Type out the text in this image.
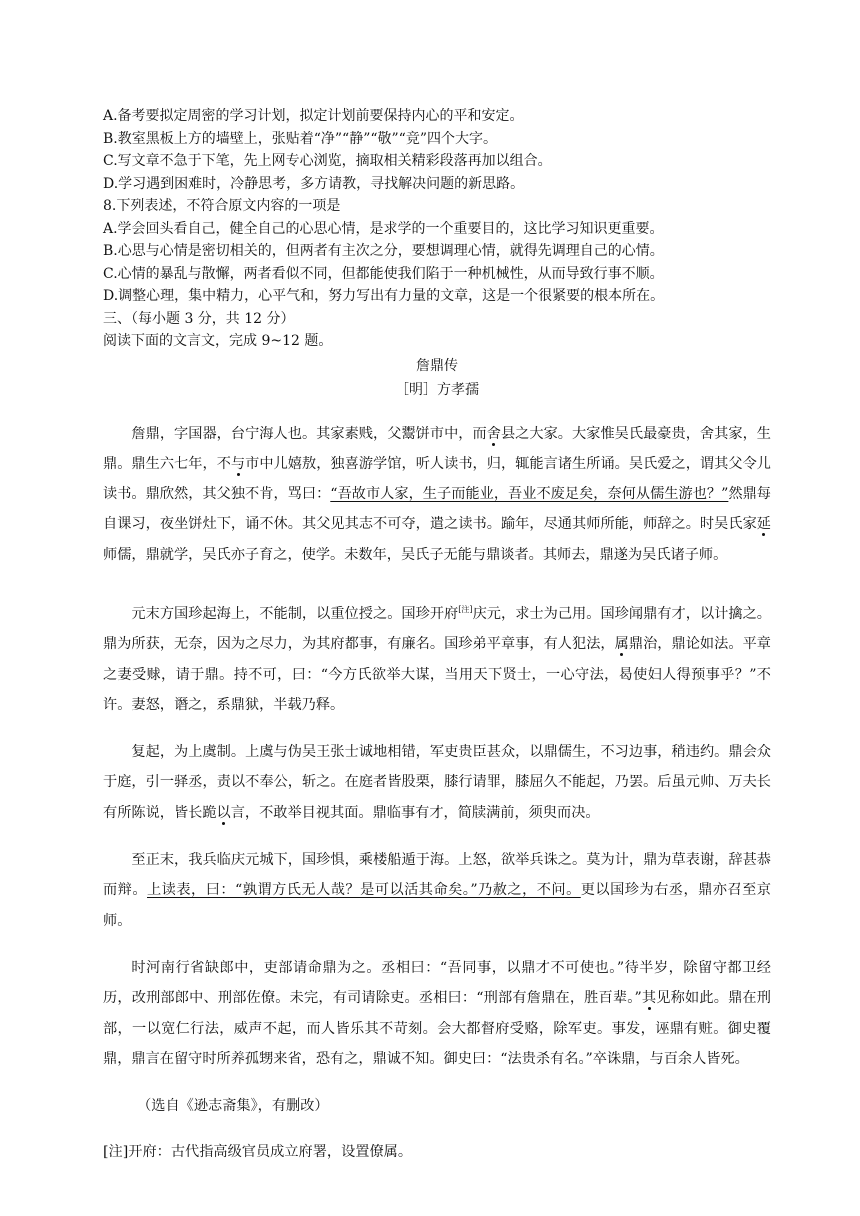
A.备考要拟定周密的学习计划，拟定计划前要保持内心的平和安定。

B.教室黑板上方的墙壁上，张贴着“净”“静”“敬”“竞”四个大字。

C.写文章不急于下笔，先上网专心浏览，摘取相关精彩段落再加以组合。

D.学习遇到困难时，冷静思考，多方请教，寻找解决问题的新思路。

8.下列表述，不符合原文内容的一项是

A.学会回头看自己，健全自己的心思心情，是求学的一个重要目的，这比学习知识更重要。

B.心思与心情是密切相关的，但两者有主次之分，要想调理心情，就得先调理自己的心情。

C.心情的暴乱与散懈，两者看似不同，但都能使我们陷于一种机械性，从而导致行事不顺。

D.调整心理，集中精力，心平气和，努力写出有力量的文章，这是一个很紧要的根本所在。

三、（每小题 3 分，共 12 分）

阅读下面的文言文，完成 9~12 题。

詹鼎传
［明］方孝孺

詹鼎，字国器，台宁海人也。其家素贱，父鬻饼市中，而舍县之大家。大家惟吴氏最豪贵，舍其家，生鼎。鼎生六七年，不与市中儿嬉敖，独喜游学馆，听人读书，归，辄能言诸生所诵。吴氏爱之，谓其父令儿读书。鼎欣然，其父独不肯，骂曰：“吾故市人家，生子而能业，吾业不废足矣，奈何从儒生游也？”然鼎每自课习，夜坐饼灶下，诵不休。其父见其志不可夺，遣之读书。踰年，尽通其师所能，师辞之。时吴氏家延师儒，鼎就学，吴氏亦子育之，使学。未数年，吴氏子无能与鼎谈者。其师去，鼎遂为吴氏诸子师。

元末方国珍起海上，不能制，以重位授之。国珍开府[注]庆元，求士为己用。国珍闻鼎有才，以计擒之。鼎为所获，无奈，因为之尽力，为其府都事，有廉名。国珍弟平章事，有人犯法，属鼎治，鼎论如法。平章之妻受赇，请于鼎。持不可，曰：“今方氏欲举大谋，当用天下贤士，一心守法，曷使妇人得预事乎？”不许。妻怒，谮之，系鼎狱，半载乃释。

复起，为上虞制。上虞与伪吴王张士诚地相错，军吏贵臣甚众，以鼎儒生，不习边事，稍违约。鼎会众于庭，引一驿丞，责以不奉公，斩之。在庭者皆股栗，膝行请罪，膝屈久不能起，乃罢。后虽元帅、万夫长有所陈说，皆长跪以言，不敢举目视其面。鼎临事有才，简牍满前，须臾而决。

至正末，我兵临庆元城下，国珍惧，乘楼船遁于海。上怒，欲举兵诛之。莫为计，鼎为草表谢，辞甚恭而辩。上读表，曰：“孰谓方氏无人哉？是可以活其命矣。”乃赦之，不问。更以国珍为右丞，鼎亦召至京师。

时河南行省缺郎中，吏部请命鼎为之。丞相曰：“吾同事，以鼎才不可使也。”待半岁，除留守都卫经历，改刑部郎中、刑部佐僚。未完，有司请除吏。丞相曰：“刑部有詹鼎在，胜百辈。”其见称如此。鼎在刑部，一以宽仁行法，威声不起，而人皆乐其不苛刻。会大都督府受赂，除军吏。事发，诬鼎有赃。御史覆鼎，鼎言在留守时所养孤甥来省，恐有之，鼎诚不知。御史曰：“法贵杀有名。”卒诛鼎，与百余人皆死。

（选自《逊志斋集》，有删改）

[注]开府：古代指高级官员成立府署，设置僚属。
